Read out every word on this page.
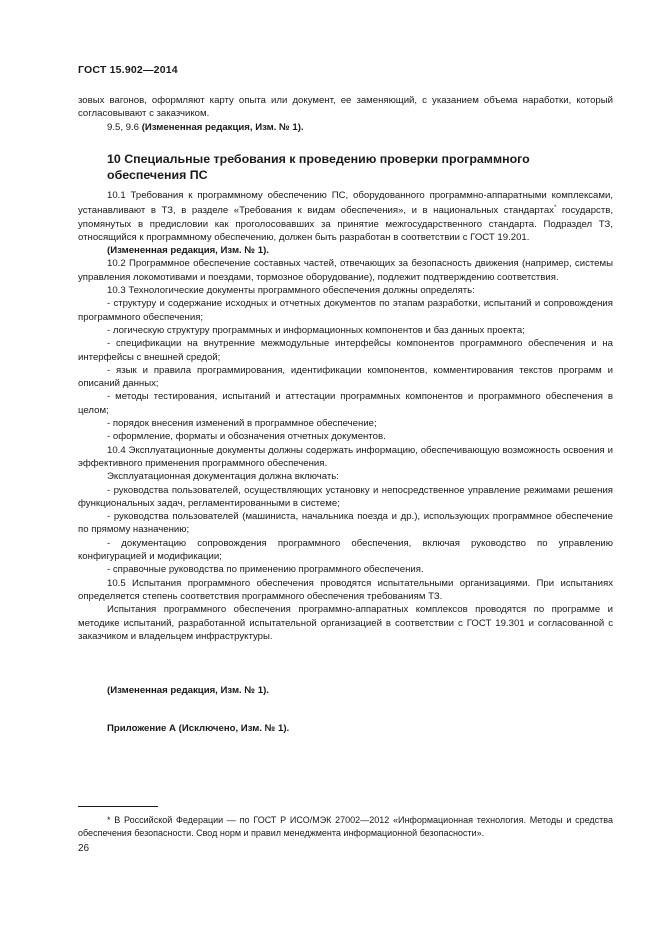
ГОСТ 15.902—2014

зовых вагонов, оформляют карту опыта или документ, ее заменяющий, с указанием объема наработки, который согласовывают с заказчиком.

9.5, 9.6 (Измененная редакция, Изм. № 1).

10 Специальные требования к проведению проверки программного обеспечения ПС

10.1 Требования к программному обеспечению ПС, оборудованного программно-аппаратными комплексами, устанавливают в ТЗ, в разделе «Требования к видам обеспечения», и в национальных стандартах* государств, упомянутых в предисловии как проголосовавших за принятие межгосударственного стандарта. Подраздел ТЗ, относящийся к программному обеспечению, должен быть разработан в соответствии с ГОСТ 19.201.

(Измененная редакция, Изм. № 1).

10.2 Программное обеспечение составных частей, отвечающих за безопасность движения (например, системы управления локомотивами и поездами, тормозное оборудование), подлежит подтверждению соответствия.

10.3 Технологические документы программного обеспечения должны определять:

- структуру и содержание исходных и отчетных документов по этапам разработки, испытаний и сопровождения программного обеспечения;

- логическую структуру программных и информационных компонентов и баз данных проекта;

- спецификации на внутренние межмодульные интерфейсы компонентов программного обеспечения и на интерфейсы с внешней средой;

- язык и правила программирования, идентификации компонентов, комментирования текстов программ и описаний данных;

- методы тестирования, испытаний и аттестации программных компонентов и программного обеспечения в целом;

- порядок внесения изменений в программное обеспечение;

- оформление, форматы и обозначения отчетных документов.

10.4 Эксплуатационные документы должны содержать информацию, обеспечивающую возможность освоения и эффективного применения программного обеспечения.

Эксплуатационная документация должна включать:

- руководства пользователей, осуществляющих установку и непосредственное управление режимами решения функциональных задач, регламентированными в системе;

- руководства пользователей (машиниста, начальника поезда и др.), использующих программное обеспечение по прямому назначению;

- документацию сопровождения программного обеспечения, включая руководство по управлению конфигурацией и модификации;

- справочные руководства по применению программного обеспечения.

10.5 Испытания программного обеспечения проводятся испытательными организациями. При испытаниях определяется степень соответствия программного обеспечения требованиям ТЗ.

Испытания программного обеспечения программно-аппаратных комплексов проводятся по программе и методике испытаний, разработанной испытательной организацией в соответствии с ГОСТ 19.301 и согласованной с заказчиком и владельцем инфраструктуры.

(Измененная редакция, Изм. № 1).

Приложение А (Исключено, Изм. № 1).

* В Российской Федерации — по ГОСТ Р ИСО/МЭК 27002—2012 «Информационная технология. Методы и средства обеспечения безопасности. Свод норм и правил менеджмента информационной безопасности».
26
